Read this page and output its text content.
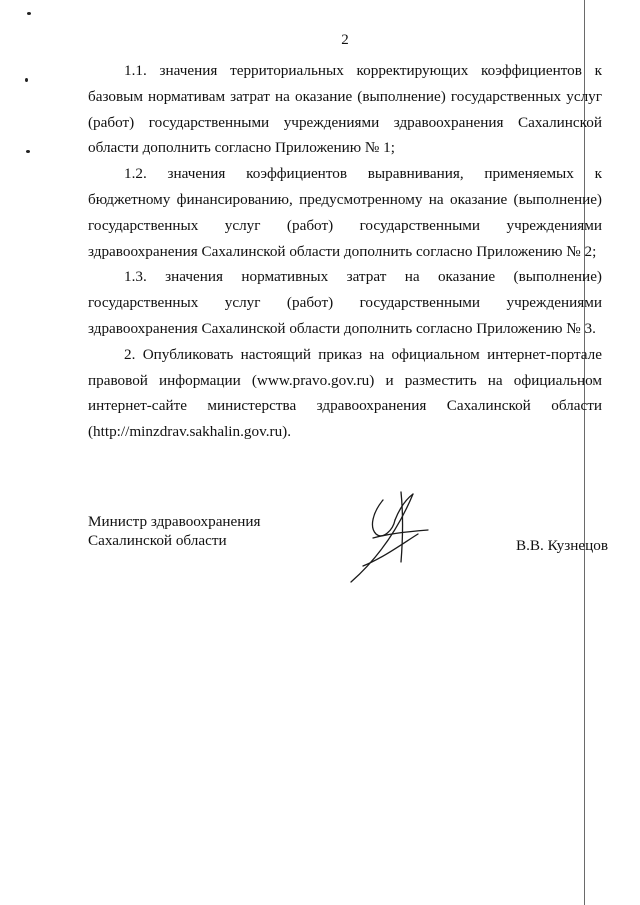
2

1.1. значения территориальных корректирующих коэффициентов к базовым нормативам затрат на оказание (выполнение) государственных услуг (работ) государственными учреждениями здравоохранения Сахалинской области дополнить согласно Приложению № 1;

1.2. значения коэффициентов выравнивания, применяемых к бюджетному финансированию, предусмотренному на оказание (выполнение) государственных услуг (работ) государственными учреждениями здравоохранения Сахалинской области дополнить согласно Приложению № 2;

1.3. значения нормативных затрат на оказание (выполнение) государственных услуг (работ) государственными учреждениями здравоохранения Сахалинской области дополнить согласно Приложению № 3.

2. Опубликовать настоящий приказ на официальном интернет-портале правовой информации (www.pravo.gov.ru) и разместить на официальном интернет-сайте министерства здравоохранения Сахалинской области (http://minzdrav.sakhalin.gov.ru).

Министр здравоохранения
Сахалинской области	В.В. Кузнецов
